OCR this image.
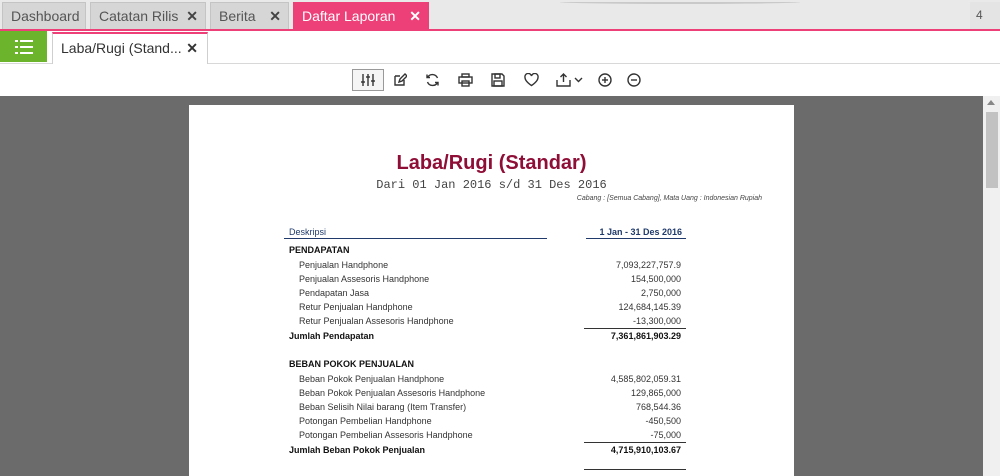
Dashboard	Catatan Rilis ✕	Berita ✕	Daftar Laporan ✕	4
Laba/Rugi (Stand... ✕
Laba/Rugi (Standar)
Dari 01 Jan 2016 s/d 31 Des 2016
Cabang : [Semua Cabang], Mata Uang : Indonesian Rupiah
Deskripsi	1 Jan - 31 Des 2016
PENDAPATAN
Penjualan Handphone	7,093,227,757.9
Penjualan Assesoris Handphone	154,500,000
Pendapatan Jasa	2,750,000
Retur Penjualan Handphone	124,684,145.39
Retur Penjualan Assesoris Handphone	-13,300,000
Jumlah Pendapatan	7,361,861,903.29
BEBAN POKOK PENJUALAN
Beban Pokok Penjualan Handphone	4,585,802,059.31
Beban Pokok Penjualan Assesoris Handphone	129,865,000
Beban Selisih Nilai barang (Item Transfer)	768,544.36
Potongan Pembelian Handphone	-450,500
Potongan Pembelian Assesoris Handphone	-75,000
Jumlah Beban Pokok Penjualan	4,715,910,103.67
